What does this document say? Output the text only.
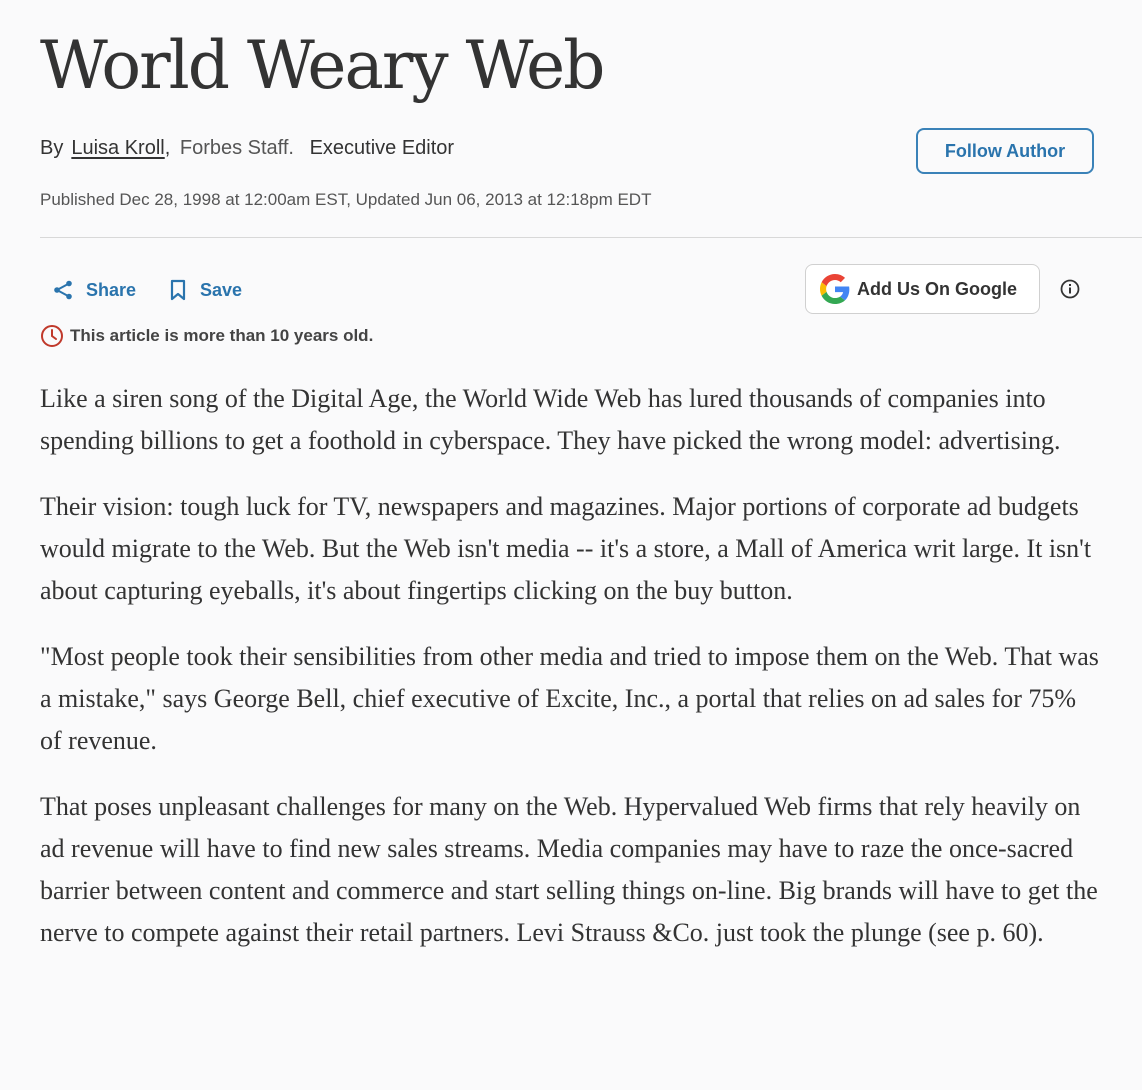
World Weary Web
By Luisa Kroll, Forbes Staff. Executive Editor	Follow Author
Published Dec 28, 1998 at 12:00am EST, Updated Jun 06, 2013 at 12:18pm EDT
Share	Save	Add Us On Google
This article is more than 10 years old.

Like a siren song of the Digital Age, the World Wide Web has lured thousands of companies into spending billions to get a foothold in cyberspace. They have picked the wrong model: advertising.

Their vision: tough luck for TV, newspapers and magazines. Major portions of corporate ad budgets would migrate to the Web. But the Web isn't media -- it's a store, a Mall of America writ large. It isn't about capturing eyeballs, it's about fingertips clicking on the buy button.

"Most people took their sensibilities from other media and tried to impose them on the Web. That was a mistake," says George Bell, chief executive of Excite, Inc., a portal that relies on ad sales for 75% of revenue.

That poses unpleasant challenges for many on the Web. Hypervalued Web firms that rely heavily on ad revenue will have to find new sales streams. Media companies may have to raze the once-sacred barrier between content and commerce and start selling things on-line. Big brands will have to get the nerve to compete against their retail partners. Levi Strauss &Co. just took the plunge (see p. 60).
